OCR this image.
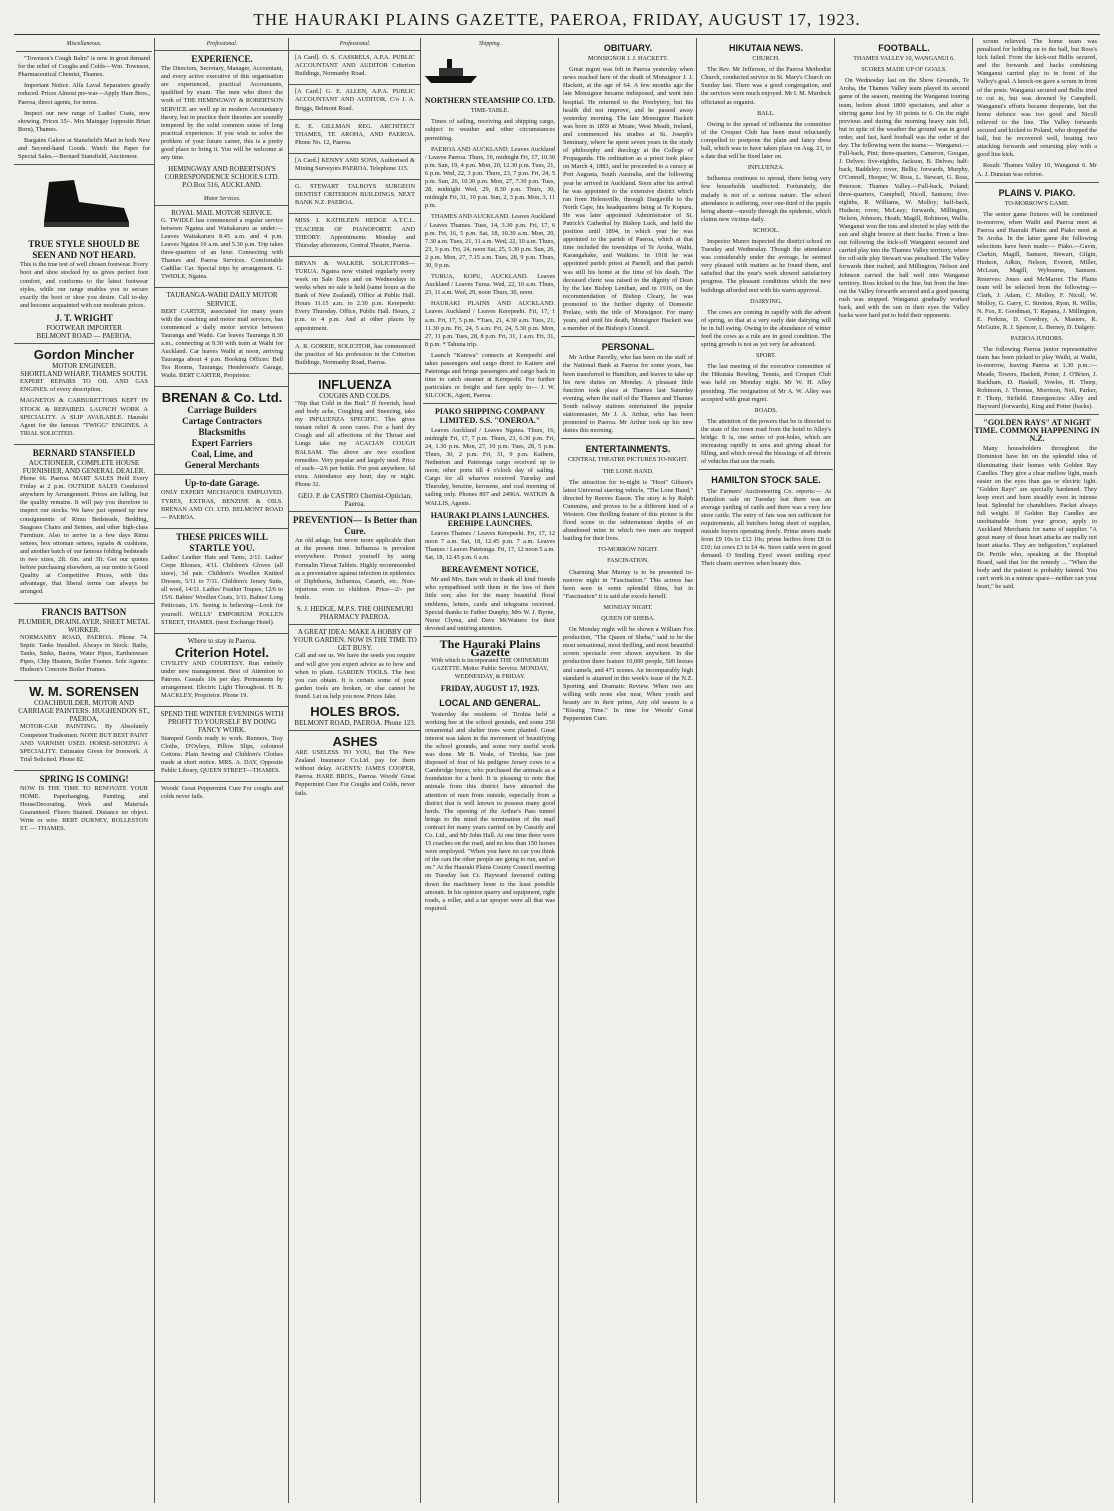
THE HAURAKI PLAINS GAZETTE, PAEROA, FRIDAY, AUGUST 17, 1923.
Miscellaneous.

"Townson's Cough Balm" is now in great demand for the relief of Coughs and Colds—Wm. Townson, Pharmaceutical Chemist, Thames.

Important Notice. Alfa Laval Separators greatly reduced. Prices Almost pre-war—Apply Hare Bros., Paeroa, direct agents, for terms.

Inspect our new range of Ladies' Coats, now showing. Prices 35/-. Mrs Maingay (opposite Brian Boru), Thames.

Bargains Galore at Stansfield's Mart in both New and Second-hand Goods. Watch the Paper for Special Sales.—Bernard Stansfield, Auctioneer.

TRUE STYLE SHOULD BE SEEN AND NOT HEARD.

This is the true test of well chosen footwear. Every boot and shoe stocked by us gives perfect foot comfort, and conforms to the latest footwear styles, while our range enables you to secure exactly the boot or shoe you desire. Call to-day and become acquainted with our moderate prices.

J. T. WRIGHT
FOOTWEAR IMPORTER
BELMONT ROAD — PAEROA.
Gordon Mincher
MOTOR ENGINEER.
SHORTLAND WHARF, THAMES SOUTH.

EXPERT REPAIRS TO OIL AND GAS ENGINES. of every description.

MAGNETOS & CARBURETTORS KEPT IN STOCK & REPAIRED. LAUNCH WORK A SPECIALITY. A SLIP AVAILABLE. Hauraki Agent for the famous "TWIGG" ENGINES. A TRIAL SOLICITED.

BERNARD STANSFIELD
AUCTIONEER, COMPLETE HOUSE FURNISHER, AND GENERAL DEALER.

Phone 66. Paeroa. MART SALES Held Every Friday at 2 p.m. OUTSIDE SALES Conducted anywhere by Arrangement. Prices are falling, but the quality remains. It will pay you therefore to inspect our stocks. We have just opened up new consignments of Rimu Bedsteads, Bedding, Seagrass Chairs and Settees, and other high-class Furniture. Also to arrive in a few days Rimu settees, box ottoman settees, squabs & cushions, and another batch of our famous folding bedsteads in two sizes, 2ft. 6in. and 3ft. Get our quotes before purchasing elsewhere, as our motto is Good Quality at Competitive Prices, with this advantage, that liberal terms can always be arranged.

FRANCIS BATTSON
PLUMBER, DRAINLAYER, SHEET METAL WORKER.

NORMANBY ROAD, PAEROA. Phone 74. Septic Tanks Installed. Always in Stock: Baths, Tanks, Sinks, Basins, Water Pipes, Earthenware Pipes, Chip Heaters, Boiler Frames. Sole Agents: Hudson's Concrete Boiler Frames.

W. M. SORENSEN
COACHBUILDER, MOTOR AND CARRIAGE PAINTERS. HUGHENDON ST., PAEROA,

MOTOR-CAR PAINTING. By Absolutely Competent Tradesmen. NONE BUT BEST PAINT AND VARNISH USED. HORSE-SHOEING A SPECIALITY. Estimates Given for Ironwork. A Trial Solicited. Phone 82.

SPRING IS COMING!

NOW IS THE TIME TO RENOVATE YOUR HOME. Paperhanging, Painting, and HouseDecorating. Work and Materials Guaranteed. Floors Stained. Distance no object. Write or wire. BERT DURNEY, ROLLESTON ST. — THAMES.

Professional.
EXPERIENCE.

The Directors, Secretary, Manager, Accountant, and every active executive of this organisation are experienced, practical Accountants, qualified by exam. The men who direct the work of THE HEMINGWAY & ROBERTSON SERVICE are well up in modern Accountancy theory, but in practice their theories are soundly tempered by the solid common sense of long practical experience. If you wish to solve the problem of your future career, this is a pretty good place to bring it. You will be welcome at any time.

HEMINGWAY AND ROBERTSON'S CORRESPONDENCE SCHOOLS LTD. P.O.Box 516, AUCKLAND.
Motor Services.
ROYAL MAIL MOTOR SERVICE.

G. TWIDLE has commenced a regular service between Ngatea and Waitakaruru as under:— Leaves Waitakaruru 8.45 a.m. and 4 p.m. Leaves Ngatea 10 a.m. and 5.30 p.m. Trip takes three-quarters of an hour. Connecting with Thames and Paeroa Services. Comfortable Cadillac Car. Special trips by arrangement. G. TWIDLE, Ngatea.

TAURANGA-WAIHI DAILY MOTOR SERVICE.

BERT CARTER, associated for many years with the coaching and motor mail services, has commenced a daily motor service between Tauranga and Waihi. Car leaves Tauranga 8.30 a.m., connecting at 9.30 with train at Waihi for Auckland. Car leaves Waihi at noon, arriving Tauranga about 4 p.m. Booking Offices: Bell Tea Rooms, Tauranga; Henderson's Garage, Waihi. BERT CARTER, Proprietor.

BRENAN & Co. Ltd.
Carriage Builders
Cartage Contractors
Blacksmiths
Expert Farriers
Coal, Lime, and
General Merchants
Up-to-date Garage.

ONLY EXPERT MECHANICS EMPLOYED. TYRES, EXTRAS, BENZINE & OILS. BRENAN AND CO. LTD. BELMONT ROAD — PAEROA.

THESE PRICES WILL STARTLE YOU.

Ladies' Leather Hats and Tams, 2/11. Ladies' Crepe Blouses, 4/11. Children's Gloves (all sizes), 3d pair. Children's Woollen Knitted Dresses, 5/11 to 7/11. Children's Jersey Suits, all wool, 14/11. Ladies' Feather Toques, 12/6 to 15/6. Babies' Woollen Coats, 3/11. Babies' Long Petticoats, 1/6. Seeing is believing—Look for yourself. WELLS' EMPORIUM POLLEN STREET, THAMES. (next Exchange Hotel).

Where to stay in Paeroa.
Criterion Hotel.

CIVILITY AND COURTESY. Run entirely under new management. Best of Attention to Patrons. Casuals 10s per day. Permanents by arrangement. Electric Light Throughout. H. B. MACKLEY, Proprietor. Phone 19.

SPEND THE WINTER EVENINGS WITH PROFIT TO YOURSELF BY DOING FANCY WORK.

Stamped Goods ready to work. Runners, Tray Cloths, D'Oyleys, Pillow Slips, coloured Cottons. Plain Sewing and Children's Clothes made at short notice. MRS. A. DAY, Opposite Public Library, QUEEN STREET—THAMES.

Woods' Great Peppermint Cure For coughs and colds never fails.

Professional.

[A Card]. O. S. CASSRELS, A.P.A. PUBLIC ACCOUNTANT AND AUDITOR Criterion Buildings, Normanby Road.

[A Card.] G. E. ALLEN, A.P.A. PUBLIC ACCOUNTANT AND AUDITOR. C/o J. A. Briggs, Belmont Road.

E. E. GILLMAN REG. ARCHITECT THAMES, TE AROHA, AND PAEROA. Phone No. 12, Paeroa.

[A Card.] KENNY AND SONS, Authorised & Mining Surveyors PAEROA. Telephone 115.

G. STEWART TALBOYS SURGEON DENTIST CRITERION BUILDINGS. NEXT BANK N.Z. PAEROA.

MISS I. KATHLEEN HEDGE A.T.C.L. TEACHER OF PIANOFORTE AND THEORY. Appointments Monday and Thursday afternoons, Central Theatre, Paeroa.

BRYAN & WALKER. SOLICITORS—TURUA. Ngatea now visited regularly every week on Sale Days and on Wednesdays in weeks when no sale is held (same hours as the Bank of New Zealand). Office at Public Hall. Hours 11.15 a.m. to 2.30 p.m. Kerepeehi: Every Thursday. Office, Public Hall. Hours, 2 p.m. to 4 p.m. And at other places by appointment.

A. R. GORRIE, SOLICITOR, has commenced the practice of his profession in the Criterion Buildings, Normanby Road, Paeroa.

INFLUENZA
COUGHS AND COLDS.

"Nip that Cold in the Bud." If feverish, head and body ache, Coughing and Sneezing, take my INFLUENZA SPECIFIC. This gives instant relief & soon cures. For a hard dry Cough and all affections of the Throat and Lungs take my ACACIAN COUGH BALSAM. The above are two excellent remedies. Very popular and largely used. Price of each—2/6 per bottle. For post anywhere, 6d extra. Attendance any hour, day or night. Phone 32.

GEO. P. de CASTRO Chemist-Optician, Paeroa.
PREVENTION— Is Better than Cure.

An old adage, but never more applicable than at the present time. Influenza is prevalent everywhere. Protect yourself by using Formalin Throat Tablets. Highly recommended as a preventative against infection in epidemics of Diphtheria, Influenza, Catarrh, etc. Non-injurious even to children. Price—2/- per bottle.

S. J. HEDGE, M.P.S. THE OHINEMURI PHARMACY PAEROA.
A GREAT IDEA: MAKE A HOBBY OF YOUR GARDEN. NOW IS THE TIME TO GET BUSY.

Call and see us. We have the seeds you require and will give you expert advice as to how and when to plant. GARDEN TOOLS. The best you can obtain. It is certain some of your garden tools are broken, or else cannot be found. Let us help you now. Prices Jake.

HOLES BROS.
BELMONT ROAD, PAEROA. Phone 123.
ASHES

ARE USELESS TO YOU, But The New Zealand Insurance Co.Ltd. pay for them without delay. AGENTS: JAMES COOPER, Paeroa. HARE BROS., Paeroa. Woods' Great Peppermint Cure For Coughs and Colds, never fails.

Shipping.
NORTHERN STEAMSHIP CO. LTD.
TIME-TABLE.

Times of sailing, receiving and shipping cargo, subject to weather and other circumstances permitting.

PAEROA AND AUCKLAND. Leaves Auckland / Leaves Paeroa. Thurs, 16, midnight Fri, 17, 10.30 p.m. Sun, 19, 4 p.m. Mon, 20, 12.30 p.m. Tues, 21, 6 p.m. Wed, 22, 3 p.m. Thurs, 23, 7 p.m. Fri, 24, 5 p.m. Sun, 26, 10.30 p.m. Mon, 27, 7.30 p.m. Tues, 28, midnight Wed, 29, 8.30 p.m. Thurs, 30, midnight Fri, 31, 10 p.m. Sun, 2, 3 p.m. Mon, 3, 11 p.m.

THAMES AND AUCKLAND. Leaves Auckland / Leaves Thames. Tues, 14, 3.30 p.m. Fri, 17, 6 p.m. Fri, 16, 5 p.m. Sat, 18, 10.30 a.m. Mon, 20, 7.30 a.m. Tues, 21, 11 a.m. Wed, 22, 10 a.m. Thurs, 23, 3 p.m. Fri, 24, noon Sat, 25, 5.30 p.m. Sun, 26, 2 p.m. Mon, 27, 7.15 a.m. Tues, 28, 9 p.m. Thurs, 30, 9 p.m.

TURUA, KOPU, AUCKLAND. Leaves Auckland / Leaves Turua. Wed, 22, 10 a.m. Thurs, 23, 11 a.m. Wed, 29, noon Thurs, 30, noon.

HAURAKI PLAINS AND AUCKLAND. Leaves Auckland / Leaves Kerepeehi. Fri, 17, 1 a.m. Fri, 17, 5 p.m. *Tues, 21, 4.30 a.m. Tues, 21, 11.30 p.m. Fri, 24, 5 a.m. Fri, 24, 5.30 p.m. Mon, 27, 11 p.m. Tues, 28, 8 p.m. Fri, 31, 1 a.m. Fri, 31, 8 p.m. * Tahuna trip.

Launch "Katewa" connects at Kerepeehi and takes passengers and cargo direct to Kaitere and Patetonga and brings passengers and cargo back in time to catch steamer at Kerepeehi. For further particulars re freight and fare apply to— J. W. SILCOCK, Agent, Paeroa.

PIAKO SHIPPING COMPANY LIMITED. S.S. "ONEROA."

Leaves Auckland / Leaves Ngatea. Thurs, 16, midnight Fri, 17, 7 p.m. Thurs, 23, 6.30 p.m. Fri, 24, 1.30 p.m. Mon, 27, 10 p.m. Tues, 28, 5 p.m. Thurs, 30, 2 p.m. Fri, 31, 9 p.m. Kaihere, Netherton and Patetonga cargo received up to noon; other ports till 4 o'clock day of sailing. Cargo for all wharves received Tuesday and Thursday, benzine, kerosene, and coal morning of sailing only. Phones 897 and 2496A. WATKIN & WALLIS, Agents.

HAURAKI PLAINS LAUNCHES. EREHIPE LAUNCHES.

Leaves Thames / Leaves Kerepeehi. Fri, 17, 12 noon 7 a.m. Sat, 18, 12.45 p.m. 7 a.m. Leaves Thames / Leaves Patetonga. Fri, 17, 12 noon 5 a.m. Sat, 18, 12.45 p.m. 6 a.m.

BEREAVEMENT NOTICE.

Mr and Mrs. Bain wish to thank all kind friends who sympathised with them in the loss of their little son; also for the many beautiful floral emblems, letters, cards and telegrams received. Special thanks to Father Dunphy, Mrs W. J. Byrne, Nurse Clyma, and Dave McWatters for their devoted and untiring attention.

The Hauraki Plains Gazette
With which is incorporated THE OHINEMURI GAZETTE. Motto: Public Service. MONDAY, WEDNESDAY, & FRIDAY.
FRIDAY, AUGUST 17, 1923.
LOCAL AND GENERAL.

Yesterday the residents of Tirohia held a working bee at the school grounds, and some 250 ornamental and shelter trees were planted. Great interest was taken in the movement of beautifying the school grounds, and some very useful work was done. Mr B. Veale, of Tirohia, has just disposed of four of his pedigree Jersey cows to a Cambridge buyer, who purchased the animals as a foundation for a herd. It is pleasing to note that animals from this district have attracted the attention of men from outside, especially from a district that is well known to possess many good herds. The opening of the Arthur's Pass tunnel brings to the mind the termination of the mail contract for many years carried on by Cassidy and Co. Ltd., and Mr John Hall. At one time there were 15 coaches on the road, and no less than 150 horses were employed. "When you have no car you think of the cars the other people are going to run, and so on." At the Hauraki Plains County Council meeting on Tuesday last Cr. Hayward favoured cutting down the machinery bone to the least possible amount. In his opinion quarry and equipment, right roads, a roller, and a tar sprayer were all that was required.

OBITUARY.
MONSIGNOR J. J. HACKETT.

Great regret was felt in Paeroa yesterday when news reached here of the death of Monsignor J. J. Hackett, at the age of 64. A few months ago the late Monsignor became indisposed, and went into hospital. He returned to the Presbytery, but his health did not improve, and he passed away yesterday morning. The late Monsignor Hackett was born in 1859 at Moate, West Meath, Ireland, and commenced his studies at St. Joseph's Seminary, where he spent seven years in the study of philosophy and theology at the College of Propaganda. His ordination as a priest took place on March 4, 1883, and he proceeded to a curacy at Port Augusta, South Australia, and the following year he arrived in Auckland. Soon after his arrival he was appointed to the extensive district which ran from Helensville, through Dargaville to the North Cape, his headquarters being at Te Kopuru. He was later appointed Administrator of St. Patrick's Cathedral by Bishop Luck, and held the position until 1894, in which year he was appointed to the parish of Paeroa, which at that time included the townships of Te Aroha, Waihi, Karangahake, and Waikino. In 1918 he was appointed parish priest at Parnell, and that parish was still his home at the time of his death. The deceased cleric was raised to the dignity of Dean by the late Bishop Lenihan, and in 1916, on the recommendation of Bishop Cleary, he was promoted to the further dignity of Domestic Prelate, with the title of Monsignor. For many years, and until his death, Monsignor Hackett was a member of the Bishop's Council.

PERSONAL.

Mr Arthur Parrelly, who has been on the staff of the National Bank at Paeroa for some years, has been transferred to Hamilton, and leaves to take up his new duties on Monday. A pleasant little function took place at Thames last Saturday evening, when the staff of the Thames and Thames South railway stations entertained the popular stationmaster, Mr J. A. Arthur, who has been promoted to Paeroa. Mr Arthur took up his new duties this morning.

ENTERTAINMENTS.
CENTRAL THEATRE PICTURES TO-NIGHT.
THE LONE HAND.

The attraction for to-night is "Hoot" Gibson's latest Universal starring vehicle, "The Lone Hand," directed by Reeves Eason. The story is by Ralph Cummins, and proves to be a different kind of a Western. One thrilling feature of this picture is the flood scene in the subterranean depths of an abandoned mine in which two men are trapped battling for their lives.

TO-MORROW NIGHT.
FASCINATION.

Charming Mae Murray is to be presented to-morrow night in "Fascination." This actress has been seen in some splendid films, but in "Fascination" it is said she excels herself.

MONDAY NIGHT.
QUEEN OF SHEBA.

On Monday night will be shown a William Fox production, "The Queen of Sheba," said to be the most sensational, most thrilling, and most beautiful screen spectacle ever shown anywhere. In the production there feature 10,000 people, 500 horses and camels, and 471 scenes. An incomparably high standard is attained in this week's issue of the N.Z. Sporting and Dramatic Review. When two are willing with none else near, When youth and beauty are in their prime, Any old season is a "Kissing Time." In time for Woods' Great Peppermint Cure.

HIKUTAIA NEWS.
CHURCH.

The Rev. Mr Jefferson, of the Paeroa Methodist Church, conducted service in St. Mary's Church on Sunday last. There was a good congregation, and the services were much enjoyed. Mr I. M. Murdock officiated as organist.

BALL.

Owing to the spread of influenza the committee of the Croquet Club has been most reluctantly compelled to postpone the plain and fancy dress ball, which was to have taken place on Aug. 21, to a date that will be fixed later on.

INFLUENZA.

Influenza continues to spread, there being very few households unaffected. Fortunately, the malady is not of a serious nature. The school attendance is suffering, over one-third of the pupils being absent—mostly through the epidemic, which claims new victims daily.

SCHOOL.

Inspector Munro inspected the district school on Tuesday and Wednesday. Though the attendance was considerably under the average, he seemed very pleased with matters as he found them, and satisfied that the year's work showed satisfactory progress. The pleasant conditions which the new buildings afforded met with his warm approval.

DAIRYING.

The cows are coming in rapidly with the advent of spring, so that at a very early date dairying will be in full swing. Owing to the abundance of winter feed the cows as a rule are in good condition. The spring growth is not as yet very far advanced.

SPORT.

The last meeting of the executive committee of the Hikutaia Bowling, Tennis, and Croquet Club was held on Monday night. Mr W. H. Alley presiding. The resignation of Mr A. W. Alley was accepted with great regret.

ROADS.

The attention of the powers that be is directed to the state of the town road from the hotel to Alley's bridge. It is, one series of pot-holes, which are increasing rapidly in area and giving ahead for filling, and which reveal the blessings of all drivers of vehicles that use the roads.

HAMILTON STOCK SALE.

The Farmers' Auctioneering Co. reports:— At Hamilton sale on Tuesday last there was an average yarding of cattle and there was a very few store cattle. The entry of fats was not sufficient for requirements, all butchers being short of supplies, outside buyers operating freely. Prime steers made from £9 10s to £12 10s; prime heifers from £8 to £10; fat cows £3 to £4 4s. Store cattle were in good demand. O Smiling Eyes! sweet smiling eyes! Their charm survives when beauty dies.

FOOTBALL.
THAMES VALLEY 10, WANGANUI 6.
SCORES MADE UP OF GOALS.

On Wednesday last on the Show Grounds, Te Aroha, the Thames Valley team played its second game of the season, meeting the Wanganui touring team, before about 1800 spectators, and after a stirring game lost by 10 points to 6. On the night previous and during the morning heavy rain fell, but in spite of the weather the ground was in good order, and fast, hard football was the order of the day. The following were the teams:— Wanganui.—Full-back, Pini; three-quarters, Cameron, Googan, J. Delves; five-eighths, Jackson, B. Delves; half-back, Baddeley; rover, Bellis; forwards, Murphy, O'Connell, Hooper, W. Ross, L. Stewart, G. Ross, Peterson. Thames Valley.—Full-back, Poland; three-quarters, Campbell, Nicoll, Samson; five-eighths, R. Williams, W. Molloy; half-back, Hudson; rover, McLeay; forwards, Millington, Nelson, Johnson, Heath, Magill, Robinson, Wallis. Wanganui won the toss and elected to play with the sun and slight breeze at their backs. From a line-out following the kick-off Wanganui secured and carried play into the Thames Valley territory, where for off-side play Stewart was penalised. The Valley forwards then rushed, and Millington, Nelson and Johnson carried the ball well into Wanganui territory. Ross kicked to the line, but from the line-out the Valley forwards secured and a good passing rush was stopped. Wanganui gradually worked back, and with the sun in their eyes the Valley backs were hard put to hold their opponents.

scrum relieved. The home team was penalised for holding on to the ball, but Ross's kick failed. From the kick-out Bellis secured, and the forwards and backs combining Wanganui carried play to in front of the Valley's goal. A knock-on gave a scrum in front of the posts. Wanganui secured and Bellis tried to cut in, but was downed by Campbell. Wanganui's efforts became desperate, but the home defence was too good and Nicoll relieved to the line. The Valley forwards secured and kicked to Poland, who dropped the ball, but he recovered well, beating two attacking forwards and returning play with a good line kick.

Result: Thames Valley 10, Wanganui 6. Mr A. J. Dunstan was referee.

PLAINS V. PIAKO.
TO-MORROW'S GAME.

The senior game fixtures will be continued to-morrow, when Waihi and Paeroa meet at Paeroa and Hauraki Plains and Piako meet at Te Aroha. In the latter game the following selections have been made:— Piako.—Gavin, Clarkin, Magill, Samson, Stewart, Gilgin, Hudson, Adkin, Nelson, Everett, Miller, McLean, Magill, Wybourne, Samson. Reserves: Jones and McMarrer. The Plains team will be selected from the following:— Clark, J. Adam, C. Molloy, F. Nicoll, W. Molloy, G. Garry, C. Stretton, Ryan, R. Willis, N. Fox, E. Goodman, T. Rapana, J. Millington, E. Perkins, D. Cowdrey, A. Masters, R. McGuire, R. J. Spencer, L. Berney, D. Dalgety.

PAEROA JUNIORS.

The following Paeroa junior representative team has been picked to play Waihi, at Waihi, to-morrow, leaving Paeroa at 1.30 p.m.:— Meade, Towers, Hackett, Potter, J. O'Brien, J. Rackham, D. Haskell, Vowles, H. Thorp, Robinson, J. Thomas, Morrison, Neil, Parker, F. Thorp, Sirfield. Emergencies: Alley and Hayward (forwards), King and Potter (backs).

"GOLDEN RAYS" AT NIGHT TIME. COMMON HAPPENING IN N.Z.

Many householders throughout the Dominion have hit on the splendid idea of illuminating their homes with Golden Ray Candles. They give a clear mellow light, much easier on the eyes than gas or electric light. "Golden Rays" are specially hardened. They keep erect and burn steadily even in intense heat. Splendid for chandeliers. Packet always full weight. If Golden Ray Candles are unobtainable from your grocer, apply to Auckland Merchants for name of supplier. "A great many of these heart attacks are really not heart attacks. They are indigestion," explained Dr. Pertile who, speaking at the Hospital Board, said that for the remedy ... "When the body and the patient is probably fainted. You can't work in a minute space—neither can your heart," he said.
